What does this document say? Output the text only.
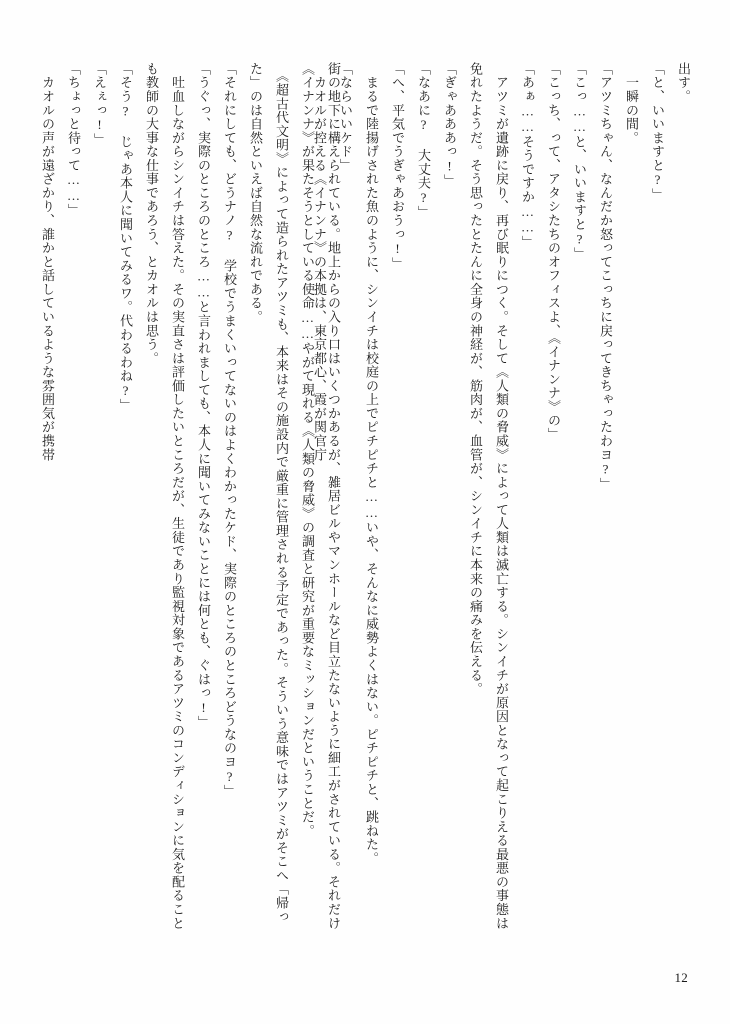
出す。

「と、いいますと?」

　一瞬の間。

「アツミちゃん、なんだか怒ってこっちに戻ってきちゃったわヨ?」

「こっ……と、いいますと?」

「こっち、って、アタシたちのオフィスよ、《イナンナ》の」

「あぁ……そうですか……」

　アツミが遺跡に戻り、再び眠りにつく。そして《人類の脅威》によって人類は滅亡する。シンイチが原因となって起こりえる最悪の事態は免れたようだ。そう思ったとたんに全身の神経が、筋肉が、血管が、シンイチに本来の痛みを伝える。

「ぎゃあああっ!」

「なあに? 大丈夫?」

「へ、平気でうぎゃあおうっ!」

　まるで陸揚げされた魚のように、シンイチは校庭の上でピチピチと……いや、そんなに威勢よくはない。ピチピチと、跳ねた。

「ならいいケド」

　カオルが控える《イナンナ》の本拠は、東京都心、霞が関官庁 街の地下に構えられている。地上からの入り口はいくつかあるが、雑居ビルやマンホールなど目立たないように細工がされている。それだけ《イナンナ》が果たそうとしている使命……やがて現れる《人類の脅威》の調査と研究が重要なミッションだということだ。

　《超古代文明》によって造られたアツミも、本来はその施設内で厳重に管理される予定であった。そういう意味ではアツミがそこへ「帰った」のは自然といえば自然な流れである。

「それにしても、どうナノ? 学校でうまくいってないのはよくわかったケド、実際のところのところどうなのヨ?」

「うぐっ、実際のところのところ……と言われましても、本人に聞いてみないことには何とも、ぐはっ!」

　吐血しながらシンイチは答えた。その実直さは評価したいところだが、生徒であり監視対象であるアツミのコンディションに気を配ることも教師の大事な仕事であろう、とカオルは思う。

「そう? じゃあ本人に聞いてみるワ。代わるわね?」

「えぇっ!」

「ちょっと待って……」

　カオルの声が遠ざかり、誰かと話しているような雰囲気が携帯

12
